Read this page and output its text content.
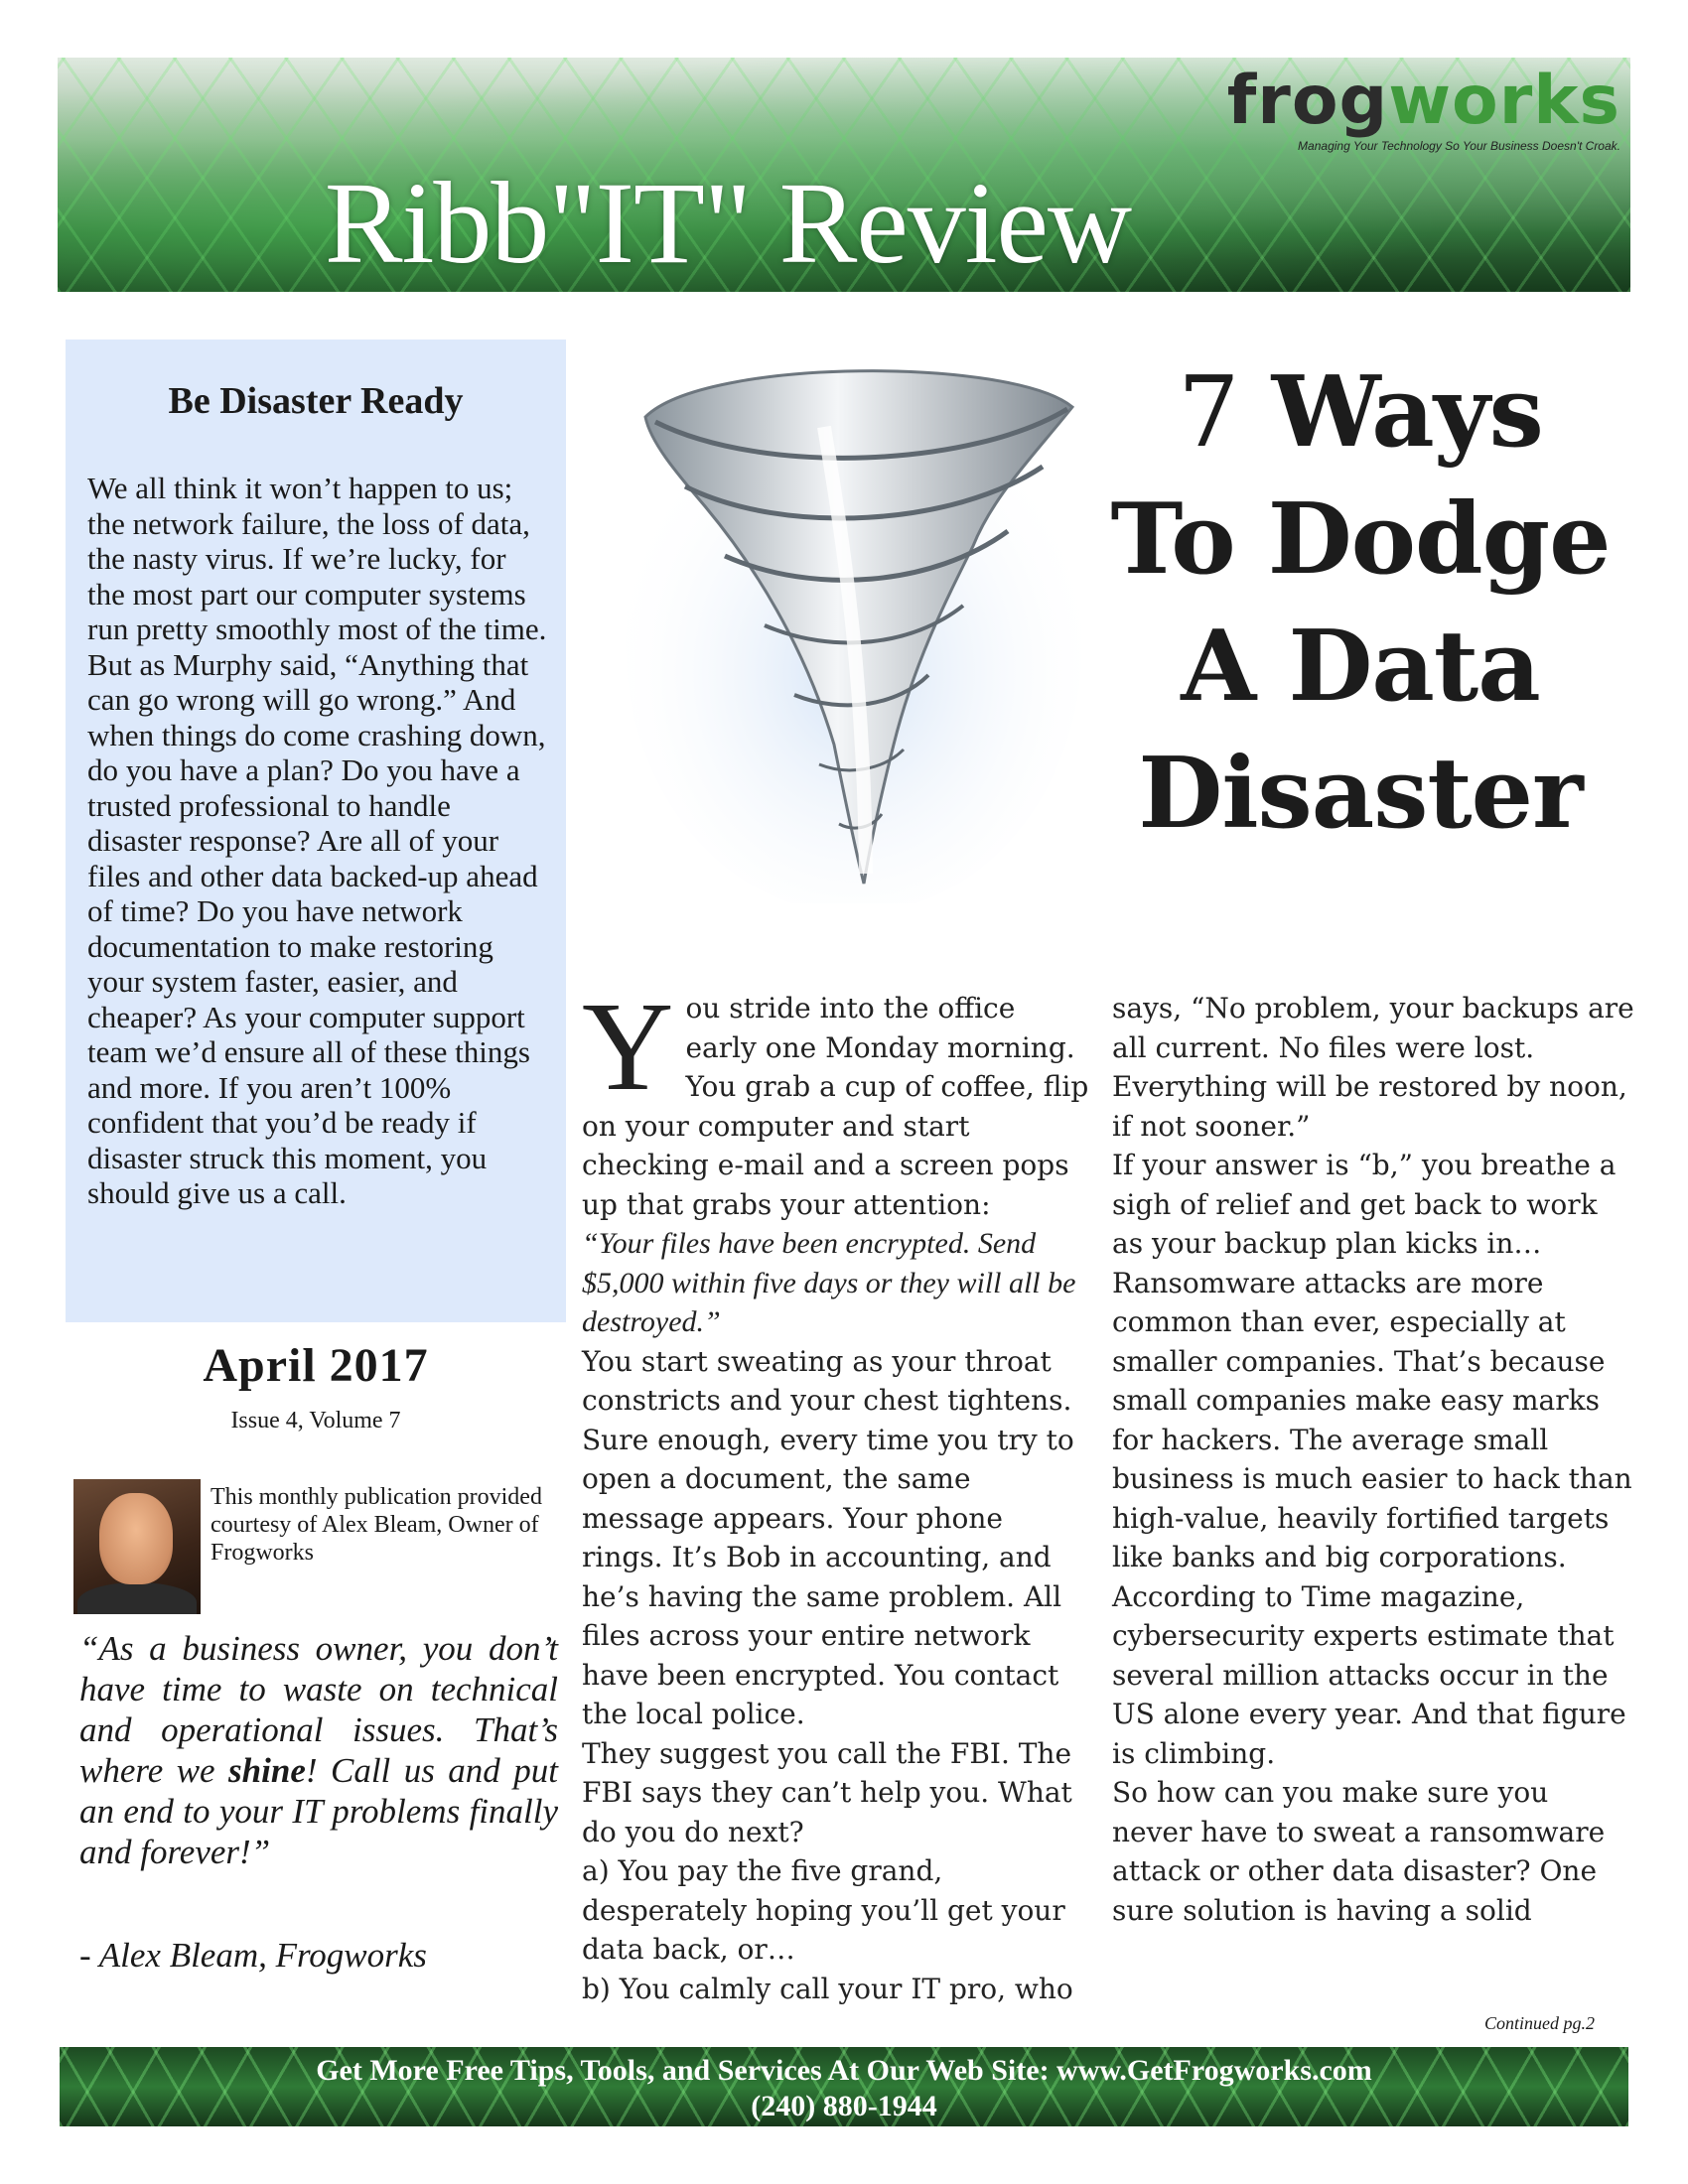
frogworks
Managing Your Technology So Your Business Doesn't Croak.
Ribb"IT" Review
Be Disaster Ready

We all think it won’t happen to us; the network failure, the loss of data, the nasty virus. If we’re lucky, for the most part our computer systems run pretty smoothly most of the time. But as Murphy said, “Anything that can go wrong will go wrong.” And when things do come crashing down, do you have a plan? Do you have a trusted professional to handle disaster response? Are all of your files and other data backed-up ahead of time? Do you have network documentation to make restoring your system faster, easier, and cheaper? As your computer support team we’d ensure all of these things and more. If you aren’t 100% confident that you’d be ready if disaster struck this moment, you should give us a call.

April 2017
Issue 4, Volume 7
This monthly publication provided courtesy of Alex Bleam, Owner of Frogworks
“As a business owner, you don’t have time to waste on technical and operational issues. That’s where we shine! Call us and put an end to your IT problems finally and forever!”
- Alex Bleam, Frogworks
7 Ways
To Dodge
A Data
Disaster
Y ou stride into the office early one Monday morning. You grab a cup of coffee, flip on your computer and start checking e-mail and a screen pops up that grabs your attention:

“Your files have been encrypted. Send $5,000 within five days or they will all be destroyed.”

You start sweating as your throat constricts and your chest tightens. Sure enough, every time you try to open a document, the same message appears. Your phone rings. It’s Bob in accounting, and he’s having the same problem. All files across your entire network have been encrypted. You contact the local police.

They suggest you call the FBI. The FBI says they can’t help you. What do you do next?

a) You pay the five grand, desperately hoping you’ll get your data back, or…

b) You calmly call your IT pro, who

says, “No problem, your backups are all current. No files were lost. Everything will be restored by noon, if not sooner.”

If your answer is “b,” you breathe a sigh of relief and get back to work as your backup plan kicks in…

Ransomware attacks are more common than ever, especially at smaller companies. That’s because small companies make easy marks for hackers. The average small business is much easier to hack than high-value, heavily fortified targets like banks and big corporations. According to Time magazine, cybersecurity experts estimate that several million attacks occur in the US alone every year. And that figure is climbing.

So how can you make sure you never have to sweat a ransomware attack or other data disaster? One sure solution is having a solid

Continued pg.2
Get More Free Tips, Tools, and Services At Our Web Site: www.GetFrogworks.com
(240) 880-1944
